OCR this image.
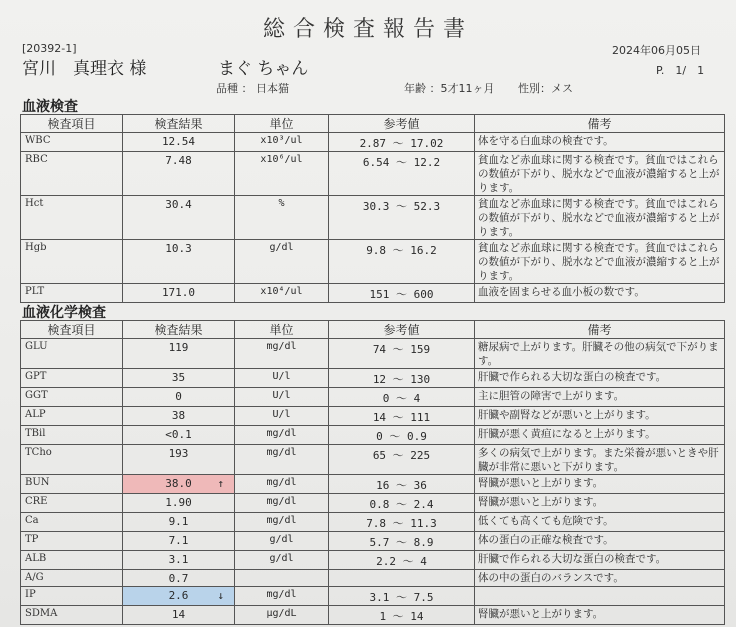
総合検査報告書
[20392-1]
宮川　真理衣 様	まぐ ちゃん
2024年06月05日
P.　1/　1
品種 ： 日本猫	年齢 ：5才11ヶ月 性別：メス
血液検査
検査項目	検査結果	単位	参考値	備考
WBC	12.54	x10³/ul	2.87 ～ 17.02	体を守る白血球の検査です。
RBC	7.48	x10⁶/ul	6.54 ～ 12.2	貧血など赤血球に関する検査です。貧血ではこれらの数値が下がり、脱水などで血液が濃縮すると上がります。
Hct	30.4	%	30.3 ～ 52.3	貧血など赤血球に関する検査です。貧血ではこれらの数値が下がり、脱水などで血液が濃縮すると上がります。
Hgb	10.3	g/dl	9.8 ～ 16.2	貧血など赤血球に関する検査です。貧血ではこれらの数値が下がり、脱水などで血液が濃縮すると上がります。
PLT	171.0	x10⁴/ul	151 ～ 600	血液を固まらせる血小板の数です。
血液化学検査
検査項目	検査結果	単位	参考値	備考
GLU	119	mg/dl	74 ～ 159	糖尿病で上がります。肝臓その他の病気で下がります。
GPT	35	U/l	12 ～ 130	肝臓で作られる大切な蛋白の検査です。
GGT	0	U/l	0 ～ 4	主に胆管の障害で上がります。
ALP	38	U/l	14 ～ 111	肝臓や副腎などが悪いと上がります。
TBil	<0.1	mg/dl	0 ～ 0.9	肝臓が悪く黄疸になると上がります。
TCho	193	mg/dl	65 ～ 225	多くの病気で上がります。また栄養が悪いときや肝臓が非常に悪いと下がります。
BUN	38.0 ↑	mg/dl	16 ～ 36	腎臓が悪いと上がります。
CRE	1.90	mg/dl	0.8 ～ 2.4	腎臓が悪いと上がります。
Ca	9.1	mg/dl	7.8 ～ 11.3	低くても高くても危険です。
TP	7.1	g/dl	5.7 ～ 8.9	体の蛋白の正確な検査です。
ALB	3.1	g/dl	2.2 ～ 4	肝臓で作られる大切な蛋白の検査です。
A/G	0.7			体の中の蛋白のバランスです。
IP	2.6 ↓	mg/dl	3.1 ～ 7.5	
SDMA	14	μg/dL	1 ～ 14	腎臓が悪いと上がります。
